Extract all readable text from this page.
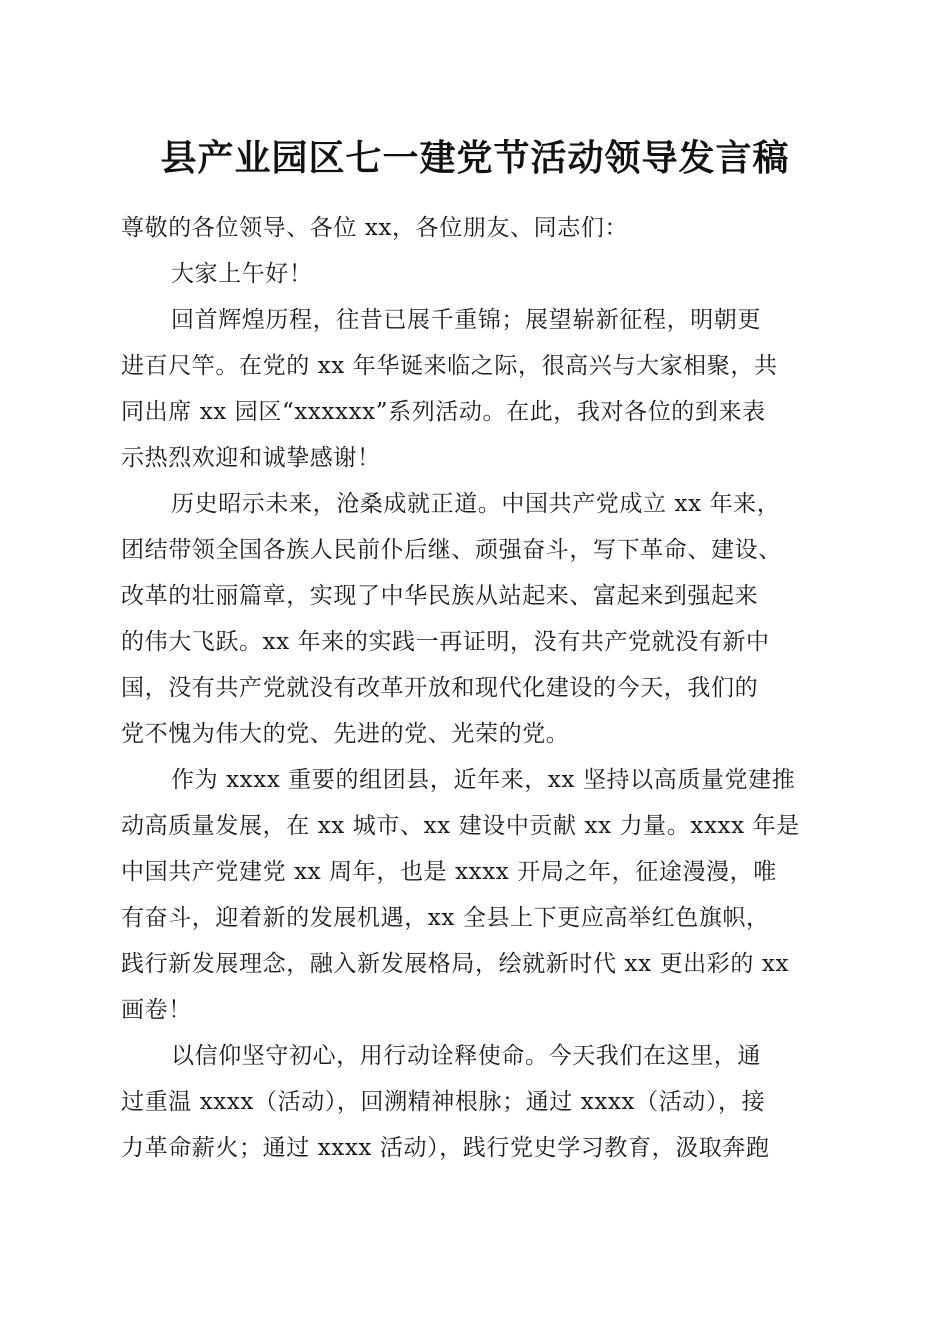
县产业园区七一建党节活动领导发言稿
尊敬的各位领导、各位 xx，各位朋友、同志们：
大家上午好！
回首辉煌历程，往昔已展千重锦；展望崭新征程，明朝更
进百尺竿。在党的 xx 年华诞来临之际，很高兴与大家相聚，共
同出席 xx 园区“xxxxxx”系列活动。在此，我对各位的到来表
示热烈欢迎和诚挚感谢！
历史昭示未来，沧桑成就正道。中国共产党成立 xx 年来，
团结带领全国各族人民前仆后继、顽强奋斗，写下革命、建设、
改革的壮丽篇章，实现了中华民族从站起来、富起来到强起来
的伟大飞跃。xx 年来的实践一再证明，没有共产党就没有新中
国，没有共产党就没有改革开放和现代化建设的今天，我们的
党不愧为伟大的党、先进的党、光荣的党。
作为 xxxx 重要的组团县，近年来，xx 坚持以高质量党建推
动高质量发展，在 xx 城市、xx 建设中贡献 xx 力量。xxxx 年是
中国共产党建党 xx 周年，也是 xxxx 开局之年，征途漫漫，唯
有奋斗，迎着新的发展机遇，xx 全县上下更应高举红色旗帜，
践行新发展理念，融入新发展格局，绘就新时代 xx 更出彩的 xx
画卷！
以信仰坚守初心，用行动诠释使命。今天我们在这里，通
过重温 xxxx（活动），回溯精神根脉；通过 xxxx（活动），接
力革命薪火；通过 xxxx 活动），践行党史学习教育，汲取奔跑
